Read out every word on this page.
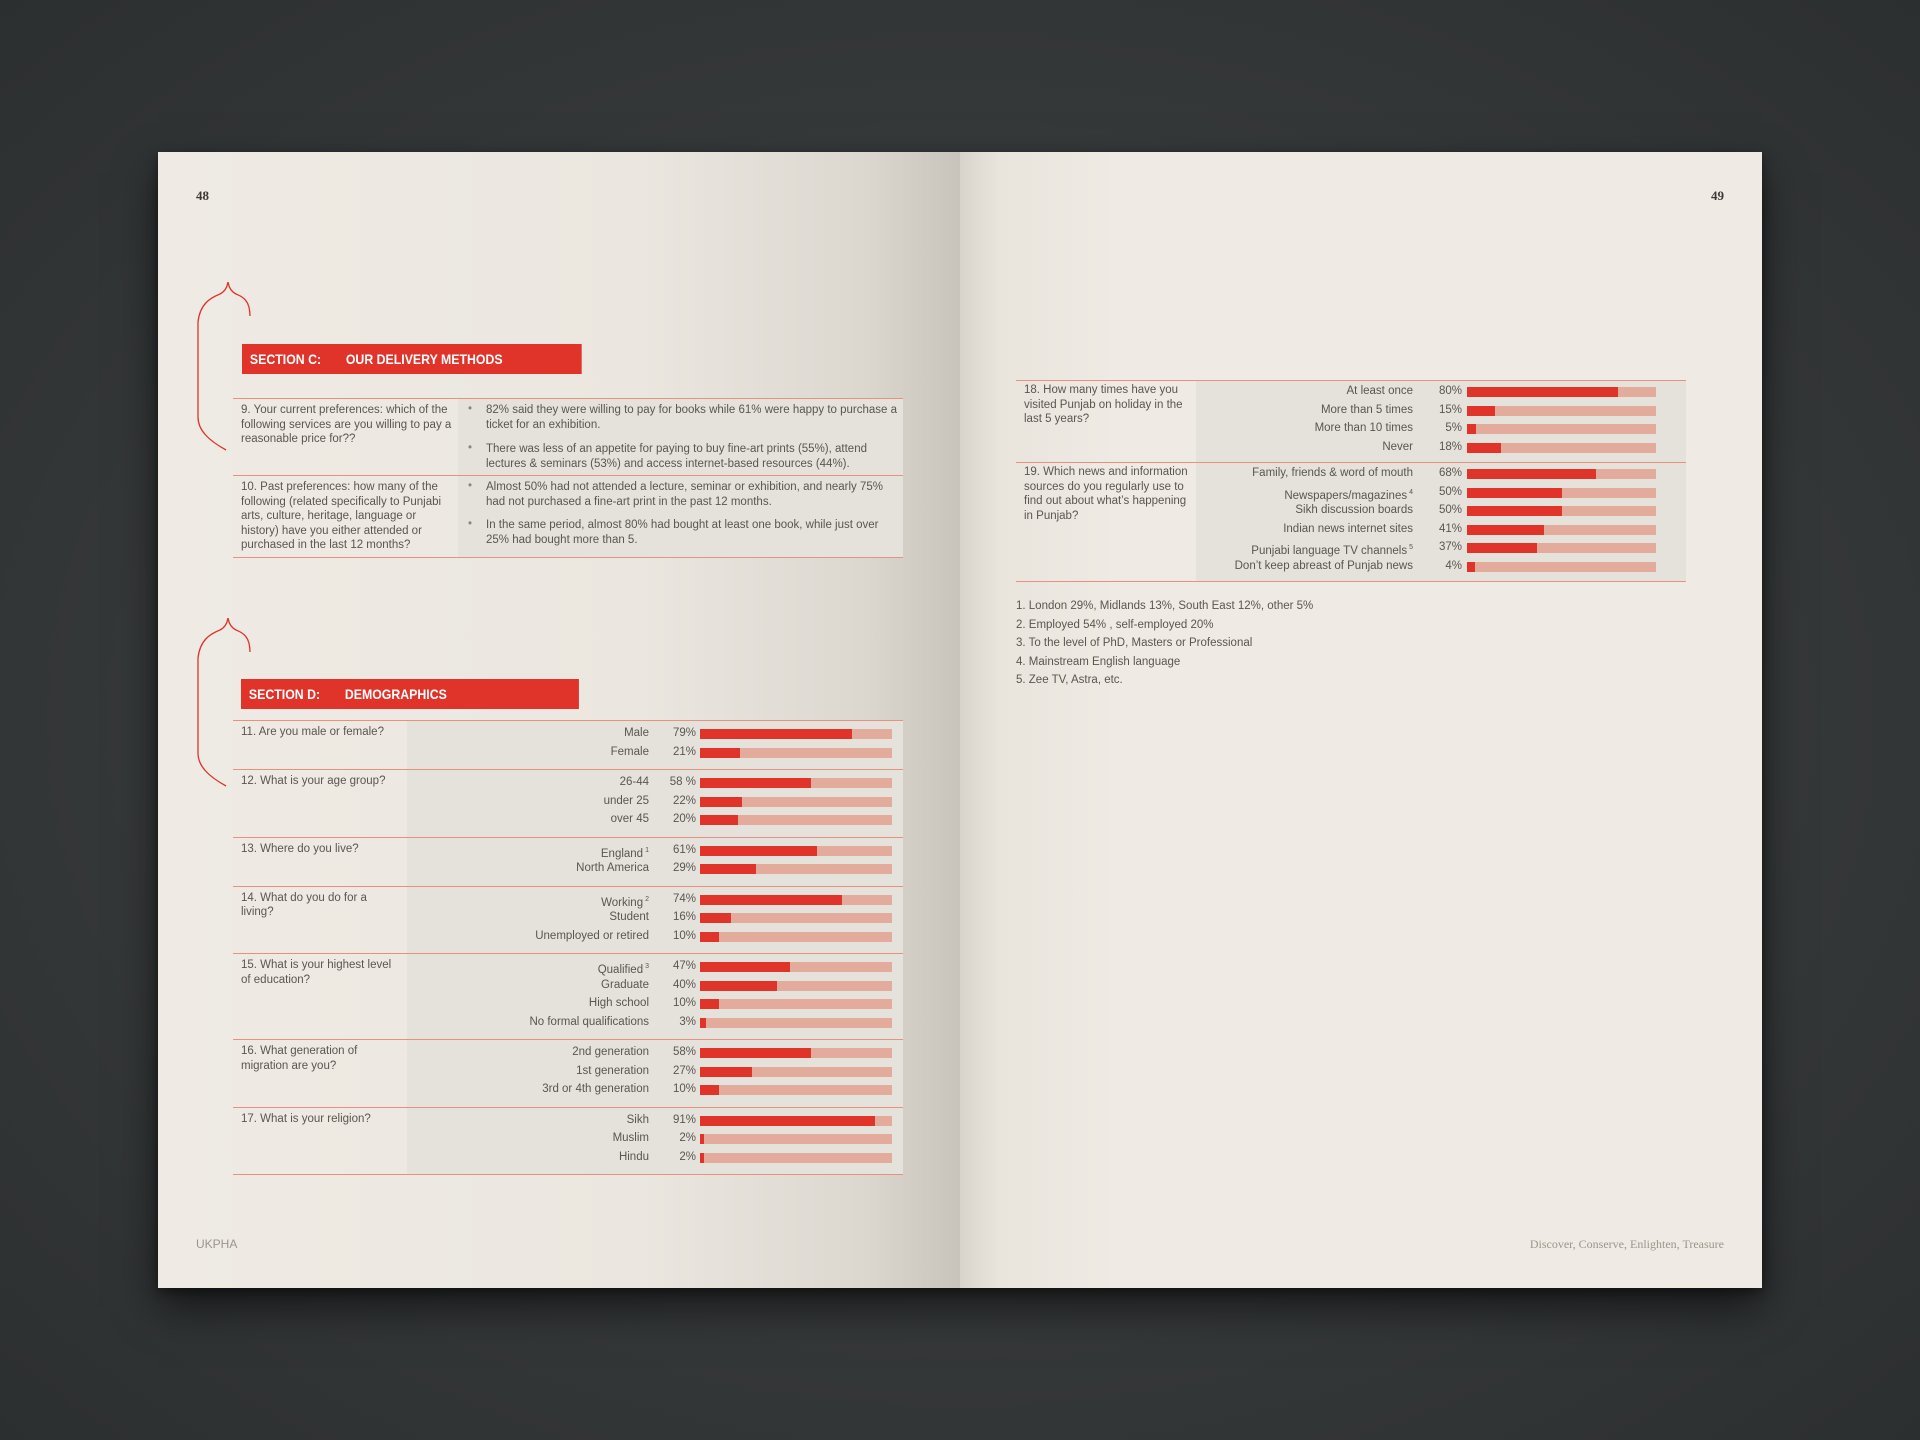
48
SECTION C:	OUR DELIVERY METHODS
9. Your current preferences: which of the following services are you willing to pay a reasonable price for??
• 82% said they were willing to pay for books while 61% were happy to purchase a ticket for an exhibition.
• There was less of an appetite for paying to buy fine-art prints (55%), attend lectures & seminars (53%) and access internet-based resources (44%).
10. Past preferences: how many of the following (related specifically to Punjabi arts, culture, heritage, language or history) have you either attended or purchased in the last 12 months?
• Almost 50% had not attended a lecture, seminar or exhibition, and nearly 75% had not purchased a fine-art print in the past 12 months.
• In the same period, almost 80% had bought at least one book, while just over 25% had bought more than 5.
SECTION D:	DEMOGRAPHICS
11. Are you male or female?	Male	79%
Female	21%
12. What is your age group?	26-44	58 %
under 25	22%
over 45	20%
13. Where do you live?	England $^1$	61%
North America	29%
14. What do you do for a living?
Working $^2$	74%
Student	16%
Unemployed or retired	10%
15. What is your highest level of education?
Qualified $^3$	47%
Graduate	40%
High school	10%
No formal qualifications	3%
16. What generation of migration are you?
2nd generation	58%
1st generation	27%
3rd or 4th generation	10%
17. What is your religion?	Sikh	91%
Muslim	2%
Hindu	2%
UKPHA
49
18. How many times have you visited Punjab on holiday in the last 5 years?
At least once	80%
More than 5 times	15%
More than 10 times	5%
Never	18%
19. Which news and information sources do you regularly use to find out about what’s happening in Punjab?
Family, friends & word of mouth	68%
Newspapers/magazines $^4$	50%
Sikh discussion boards	50%
Indian news internet sites	41%
Punjabi language TV channels $^5$	37%
Don’t keep abreast of Punjab news	4%
1. London 29%, Midlands 13%, South East 12%, other 5%
2. Employed 54% , self-employed 20%
3. To the level of PhD, Masters or Professional
4. Mainstream English language
5. Zee TV, Astra, etc.
Discover, Conserve, Enlighten, Treasure
